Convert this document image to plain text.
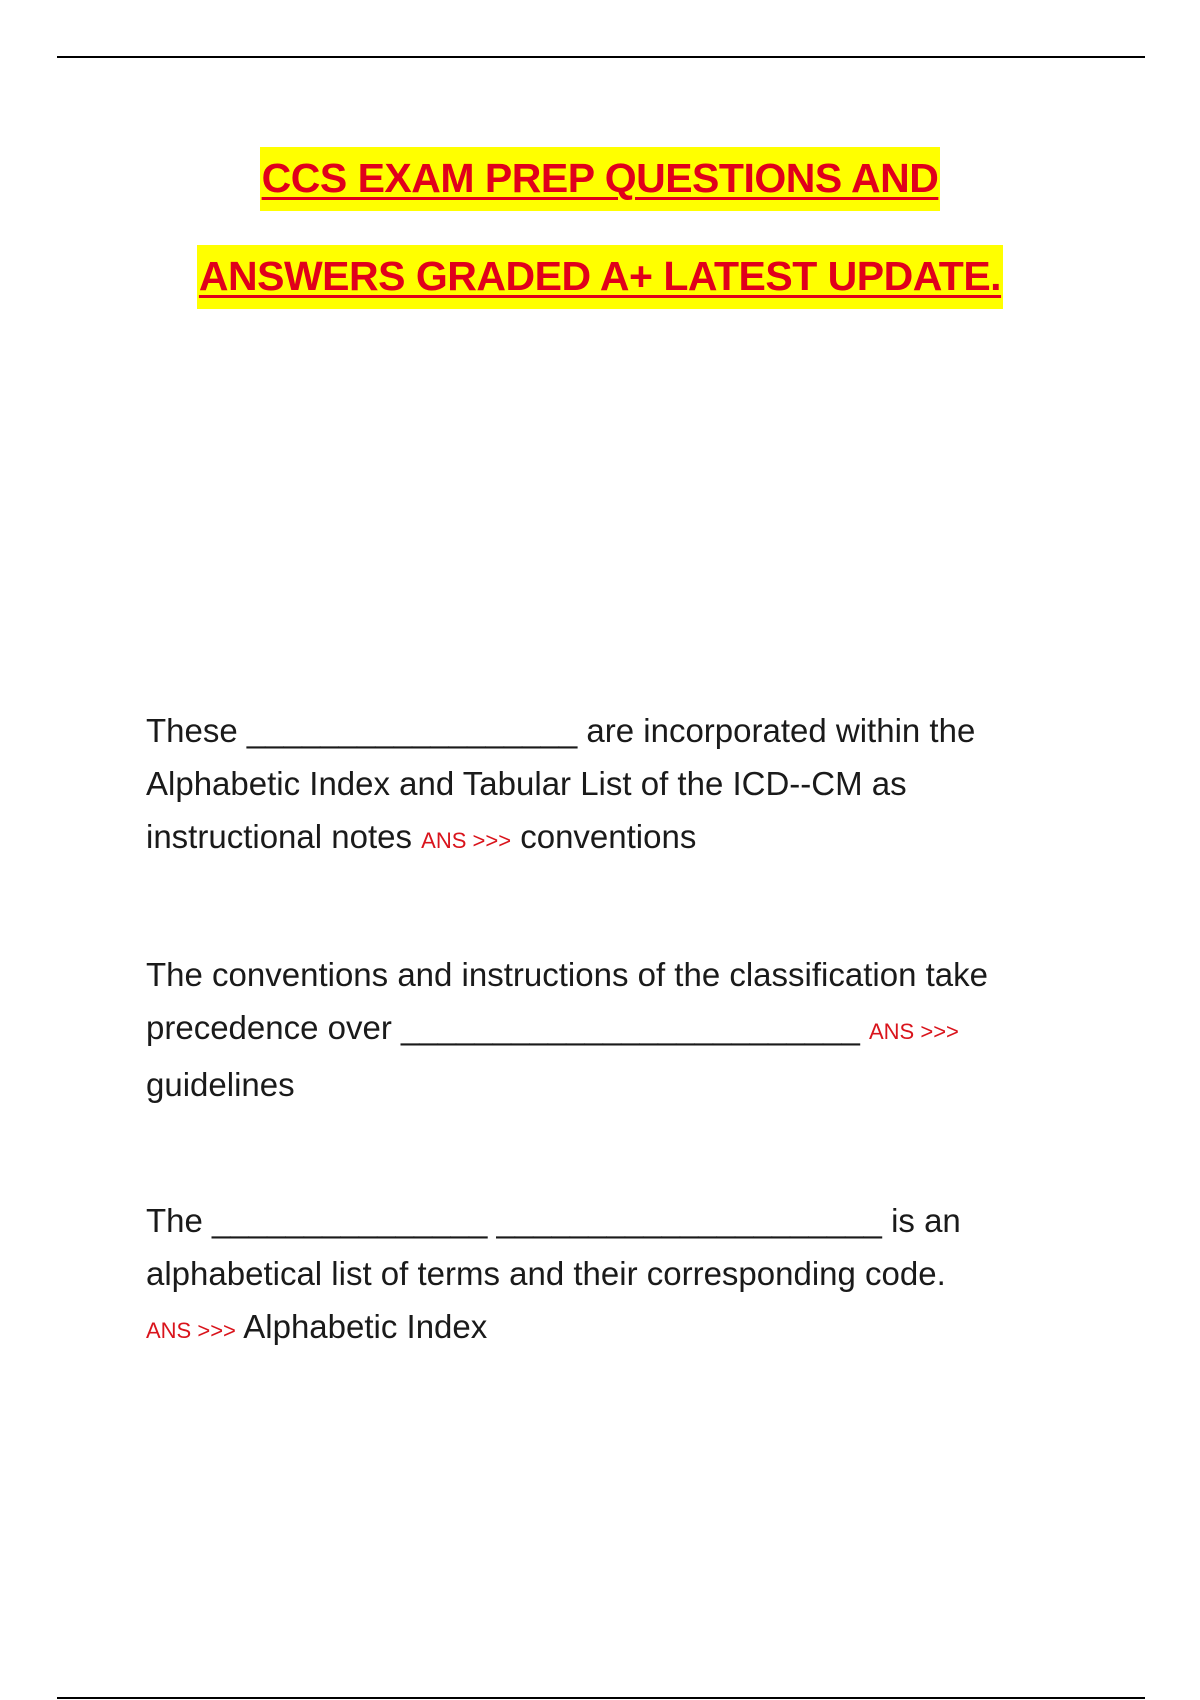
CCS EXAM PREP QUESTIONS AND
ANSWERS GRADED A+ LATEST UPDATE.
These __________________ are incorporated within the
Alphabetic Index and Tabular List of the ICD--CM as
instructional notes ANS >>> conventions
The conventions and instructions of the classification take
precedence over _________________________ ANS >>>
guidelines
The _______________ _____________________ is an
alphabetical list of terms and their corresponding code.
ANS >>> Alphabetic Index
